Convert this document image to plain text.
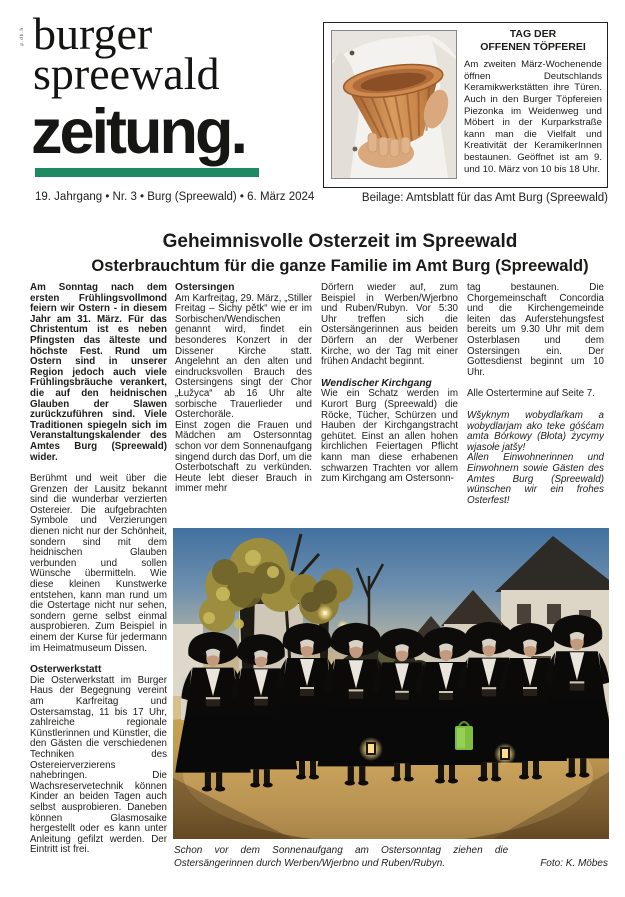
p.db.h burger
spreewald
zeitung.
19. Jahrgang • Nr. 3 • Burg (Spreewald) • 6. März 2024
TAG DER
OFFENEN TÖPFEREI
Am zweiten März-Wochenende öffnen Deutschlands Keramikwerkstätten ihre Türen. Auch in den Burger Töpfereien Piezonka im Weidenweg und Möbert in der Kurparkstraße kann man die Vielfalt und Kreativität der KeramikerInnen bestaunen. Geöffnet ist am 9. und 10. März von 10 bis 18 Uhr.
Beilage: Amtsblatt für das Amt Burg (Spreewald)
Geheimnisvolle Osterzeit im Spreewald
Osterbrauchtum für die ganze Familie im Amt Burg (Spreewald)

Am Sonntag nach dem ersten Frühlingsvollmond feiern wir Ostern - in diesem Jahr am 31. März. Für das Christentum ist es neben Pfingsten das älteste und höchste Fest. Rund um Ostern sind in unserer Region jedoch auch viele Frühlingsbräuche verankert, die auf den heidnischen Glauben der Slawen zurückzuführen sind. Viele Traditionen spiegeln sich im Veranstaltungskalender des Amtes Burg (Spreewald) wider.

Berühmt und weit über die Grenzen der Lausitz bekannt sind die wunderbar verzierten Ostereier. Die aufgebrachten Symbole und Verzierungen dienen nicht nur der Schönheit, sondern sind mit dem heidnischen Glauben verbunden und sollen Wünsche übermitteln. Wie diese kleinen Kunstwerke entstehen, kann man rund um die Ostertage nicht nur sehen, sondern gerne selbst einmal ausprobieren. Zum Beispiel in einem der Kurse für jedermann im Heimatmuseum Dissen.

Osterwerkstatt

Die Osterwerkstatt im Burger Haus der Begegnung vereint am Karfreitag und Ostersamstag, 11 bis 17 Uhr, zahlreiche regionale Künstlerinnen und Künstler, die den Gästen die verschiedenen Techniken des Ostereierverzierens nahebringen. Die Wachsreservetechnik können Kinder an beiden Tagen auch selbst ausprobieren. Daneben können Glasmosaike hergestellt oder es kann unter Anleitung gefilzt werden. Der Eintritt ist frei.

Ostersingen

Am Karfreitag, 29. März, „Stiller Freitag – Śichy pětk“ wie er im Sorbischen/Wendischen genannt wird, findet ein besonderes Konzert in der Dissener Kirche statt. Angelehnt an den alten und eindrucksvollen Brauch des Ostersingens singt der Chor „Łužyca“ ab 16 Uhr alte sorbische Trauerlieder und Osterchoräle.

Einst zogen die Frauen und Mädchen am Ostersonntag schon vor dem Sonnenaufgang singend durch das Dorf, um die Osterbotschaft zu verkünden. Heute lebt dieser Brauch in immer mehr

Dörfern wieder auf, zum Beispiel in Werben/Wjerbno und Ruben/Rubyn. Vor 5:30 Uhr treffen sich die Ostersängerinnen aus beiden Dörfern an der Werbener Kirche, wo der Tag mit einer frühen Andacht beginnt.

Wendischer Kirchgang

Wie ein Schatz werden im Kurort Burg (Spreewald) die Röcke, Tücher, Schürzen und Hauben der Kirchgangstracht gehütet. Einst an allen hohen kirchlichen Feiertagen Pflicht kann man diese erhabenen schwarzen Trachten vor allem zum Kirchgang am Ostersonn-

tag bestaunen. Die Chorgemeinschaft Concordia und die Kirchengemeinde leiten das Auferstehungsfest bereits um 9.30 Uhr mit dem Osterblasen und dem Ostersingen ein. Der Gottesdienst beginnt um 10 Uhr.

Alle Ostertermine auf Seite 7.

Wšyknym wobydlaŕkam a wobydlarjam ako teke góśćam amta Bórkowy (Błota) życymy wjasołe jatšy!

Allen Einwohnerinnen und Einwohnern sowie Gästen des Amtes Burg (Spreewald) wünschen wir ein frohes Osterfest!

Schon vor dem Sonnenaufgang am Ostersonntag ziehen die Ostersängerinnen durch Werben/Wjerbno und Ruben/Rubyn.	Foto: K. Möbes
